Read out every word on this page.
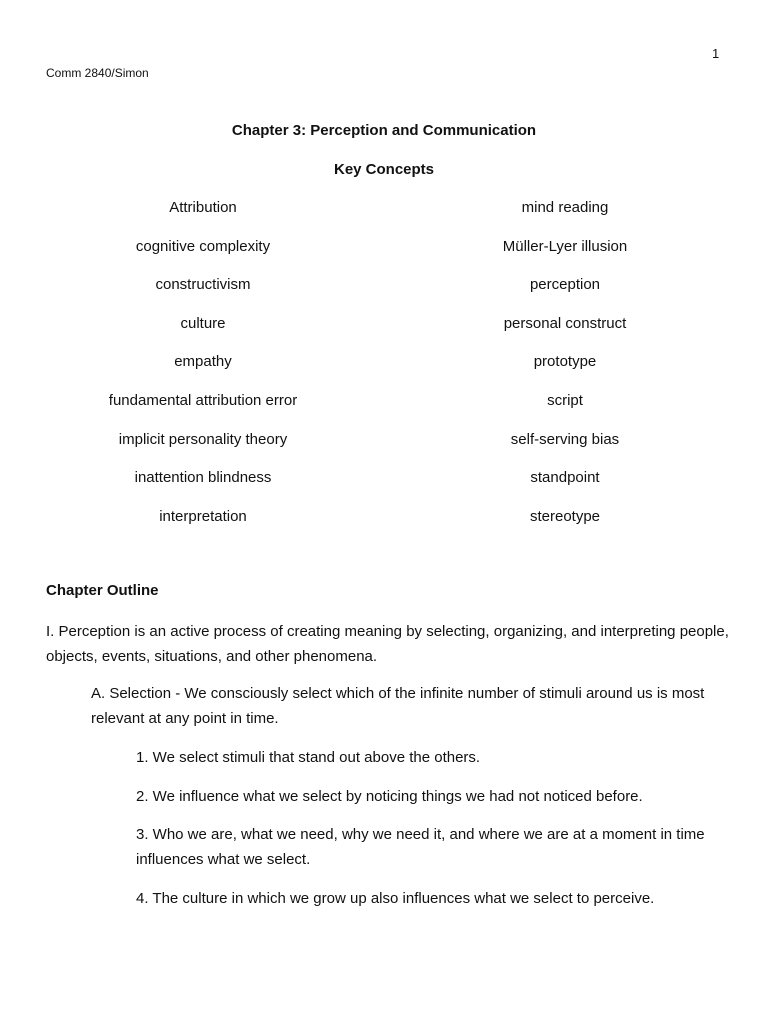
1
Comm 2840/Simon
Chapter 3: Perception and Communication
Key Concepts
Attribution
cognitive complexity
constructivism
culture
empathy
fundamental attribution error
implicit personality theory
inattention blindness
interpretation
mind reading
Müller-Lyer illusion
perception
personal construct
prototype
script
self-serving bias
standpoint
stereotype
Chapter Outline
I. Perception is an active process of creating meaning by selecting, organizing, and interpreting people, objects, events, situations, and other phenomena.
A. Selection - We consciously select which of the infinite number of stimuli around us is most relevant at any point in time.
1. We select stimuli that stand out above the others.
2. We influence what we select by noticing things we had not noticed before.
3. Who we are, what we need, why we need it, and where we are at a moment in time influences what we select.
4. The culture in which we grow up also influences what we select to perceive.
